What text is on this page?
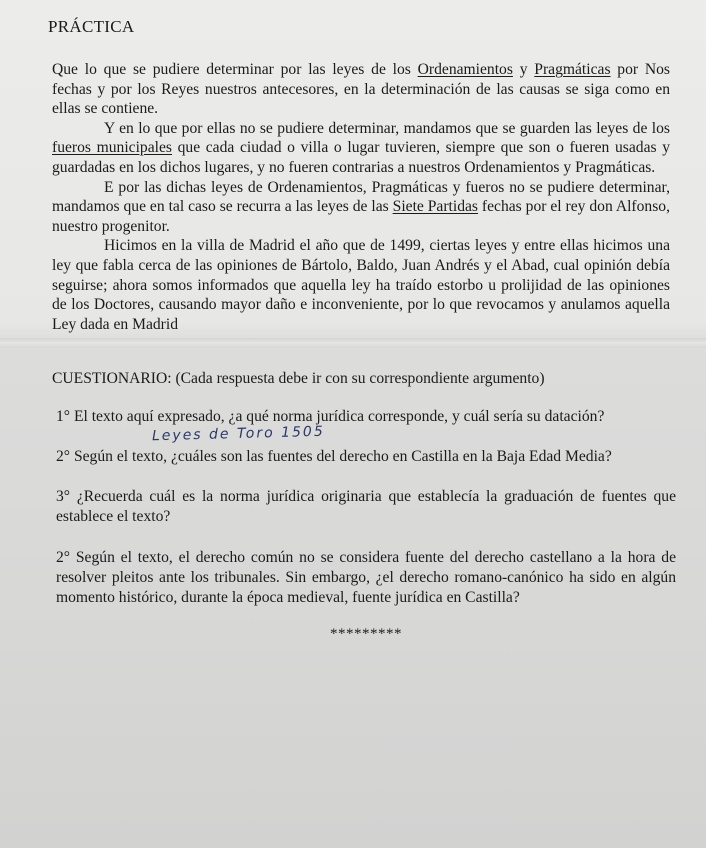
PRÁCTICA

Que lo que se pudiere determinar por las leyes de los Ordenamientos y Pragmáticas por Nos fechas y por los Reyes nuestros antecesores, en la determinación de las causas se siga como en ellas se contiene.

Y en lo que por ellas no se pudiere determinar, mandamos que se guarden las leyes de los fueros municipales que cada ciudad o villa o lugar tuvieren, siempre que son o fueren usadas y guardadas en los dichos lugares, y no fueren contrarias a nuestros Ordenamientos y Pragmáticas.

E por las dichas leyes de Ordenamientos, Pragmáticas y fueros no se pudiere determinar, mandamos que en tal caso se recurra a las leyes de las Siete Partidas fechas por el rey don Alfonso, nuestro progenitor.

Hicimos en la villa de Madrid el año que de 1499, ciertas leyes y entre ellas hicimos una ley que fabla cerca de las opiniones de Bártolo, Baldo, Juan Andrés y el Abad, cual opinión debía seguirse; ahora somos informados que aquella ley ha traído estorbo u prolijidad de las opiniones de los Doctores, causando mayor daño e inconveniente, por lo que revocamos y anulamos aquella Ley dada en Madrid

CUESTIONARIO: (Cada respuesta debe ir con su correspondiente argumento)
1° El texto aquí expresado, ¿a qué norma jurídica corresponde, y cuál sería su datación?
Leyes de Toro 1505
2° Según el texto, ¿cuáles son las fuentes del derecho en Castilla en la Baja Edad Media?
3° ¿Recuerda cuál es la norma jurídica originaria que establecía la graduación de fuentes que establece el texto?
2° Según el texto, el derecho común no se considera fuente del derecho castellano a la hora de resolver pleitos ante los tribunales. Sin embargo, ¿el derecho romano-canónico ha sido en algún momento histórico, durante la época medieval, fuente jurídica en Castilla?
*********
